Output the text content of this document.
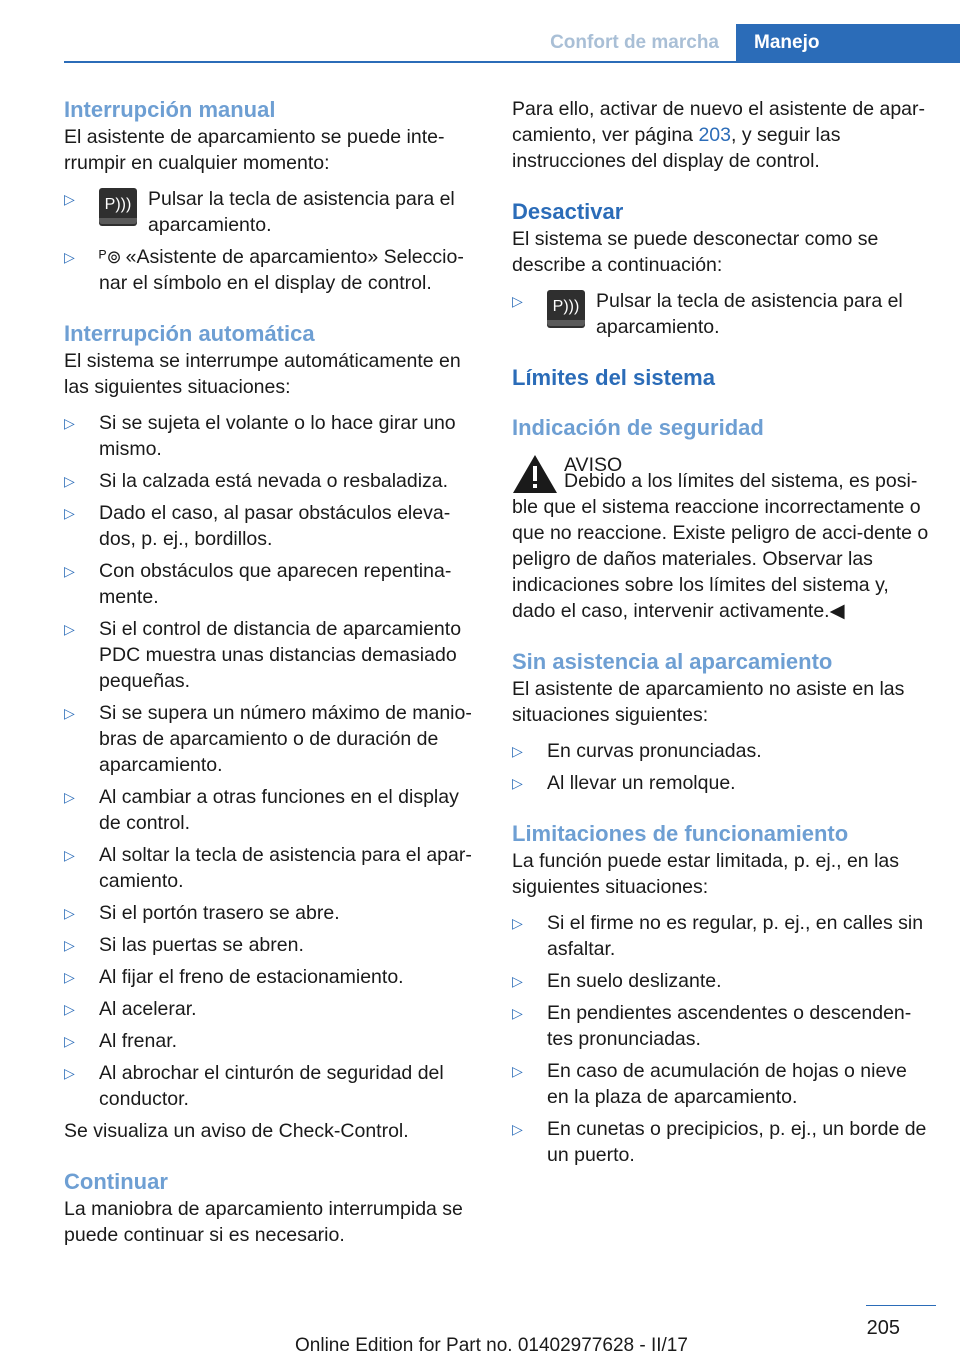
Confort de marcha	Manejo
Interrupción manual

El asistente de aparcamiento se puede inte‐rrumpir en cualquier momento:

▷	P))) Pulsar la tecla de asistencia para el aparcamiento.
▷ ᴾ⊚ «Asistente de aparcamiento» Seleccio‐nar el símbolo en el display de control.
Interrupción automática

El sistema se interrumpe automáticamente en las siguientes situaciones:

▷ Si se sujeta el volante o lo hace girar uno mismo.
▷ Si la calzada está nevada o resbaladiza.
▷ Dado el caso, al pasar obstáculos eleva‐dos, p. ej., bordillos.
▷ Con obstáculos que aparecen repentina‐mente.
▷ Si el control de distancia de aparcamiento PDC muestra unas distancias demasiado pequeñas.
▷ Si se supera un número máximo de manio‐bras de aparcamiento o de duración de aparcamiento.
▷ Al cambiar a otras funciones en el display de control.
▷ Al soltar la tecla de asistencia para el apar‐camiento.
▷ Si el portón trasero se abre.
▷ Si las puertas se abren.
▷ Al fijar el freno de estacionamiento.
▷ Al acelerar.
▷ Al frenar.
▷ Al abrochar el cinturón de seguridad del conductor.

Se visualiza un aviso de Check-Control.

Continuar

La maniobra de aparcamiento interrumpida se puede continuar si es necesario.

Para ello, activar de nuevo el asistente de apar‐camiento, ver página 203, y seguir las instrucciones del display de control.

Desactivar

El sistema se puede desconectar como se describe a continuación:

▷	P))) Pulsar la tecla de asistencia para el aparcamiento.
Límites del sistema
Indicación de seguridad

AVISO

Debido a los límites del sistema, es posi‐ble que el sistema reaccione incorrectamente o que no reaccione. Existe peligro de acci‐dente o peligro de daños materiales. Observar las indicaciones sobre los límites del sistema y, dado el caso, intervenir activamente.◀

Sin asistencia al aparcamiento

El asistente de aparcamiento no asiste en las situaciones siguientes:

▷ En curvas pronunciadas.
▷ Al llevar un remolque.
Limitaciones de funcionamiento

La función puede estar limitada, p. ej., en las siguientes situaciones:

▷ Si el firme no es regular, p. ej., en calles sin asfaltar.
▷ En suelo deslizante.
▷ En pendientes ascendentes o descenden‐tes pronunciadas.
▷ En caso de acumulación de hojas o nieve en la plaza de aparcamiento.
▷ En cunetas o precipicios, p. ej., un borde de un puerto.
205
Online Edition for Part no. 01402977628 - II/17
